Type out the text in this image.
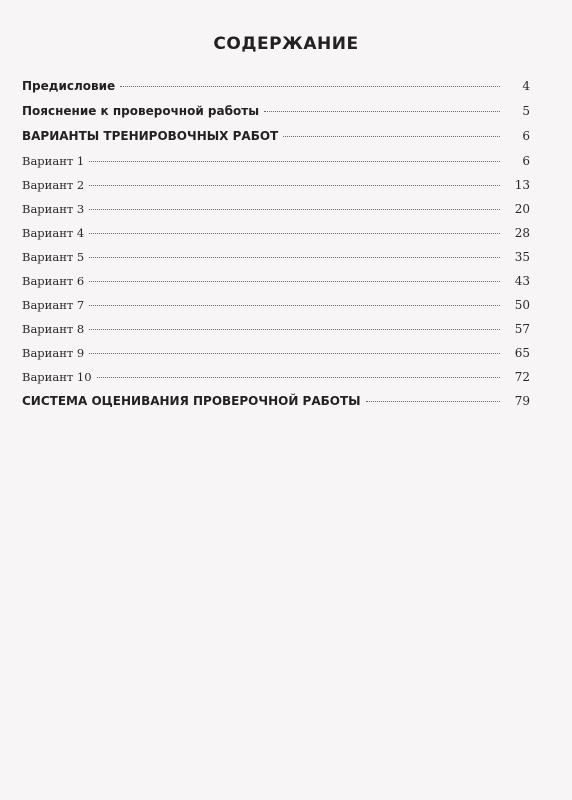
СОДЕРЖАНИЕ
Предисловие	4
Пояснение к проверочной работы	5
ВАРИАНТЫ ТРЕНИРОВОЧНЫХ РАБОТ	6
Вариант 1	6
Вариант 2	13
Вариант 3	20
Вариант 4	28
Вариант 5	35
Вариант 6	43
Вариант 7	50
Вариант 8	57
Вариант 9	65
Вариант 10	72
СИСТЕМА ОЦЕНИВАНИЯ ПРОВЕРОЧНОЙ РАБОТЫ	79
